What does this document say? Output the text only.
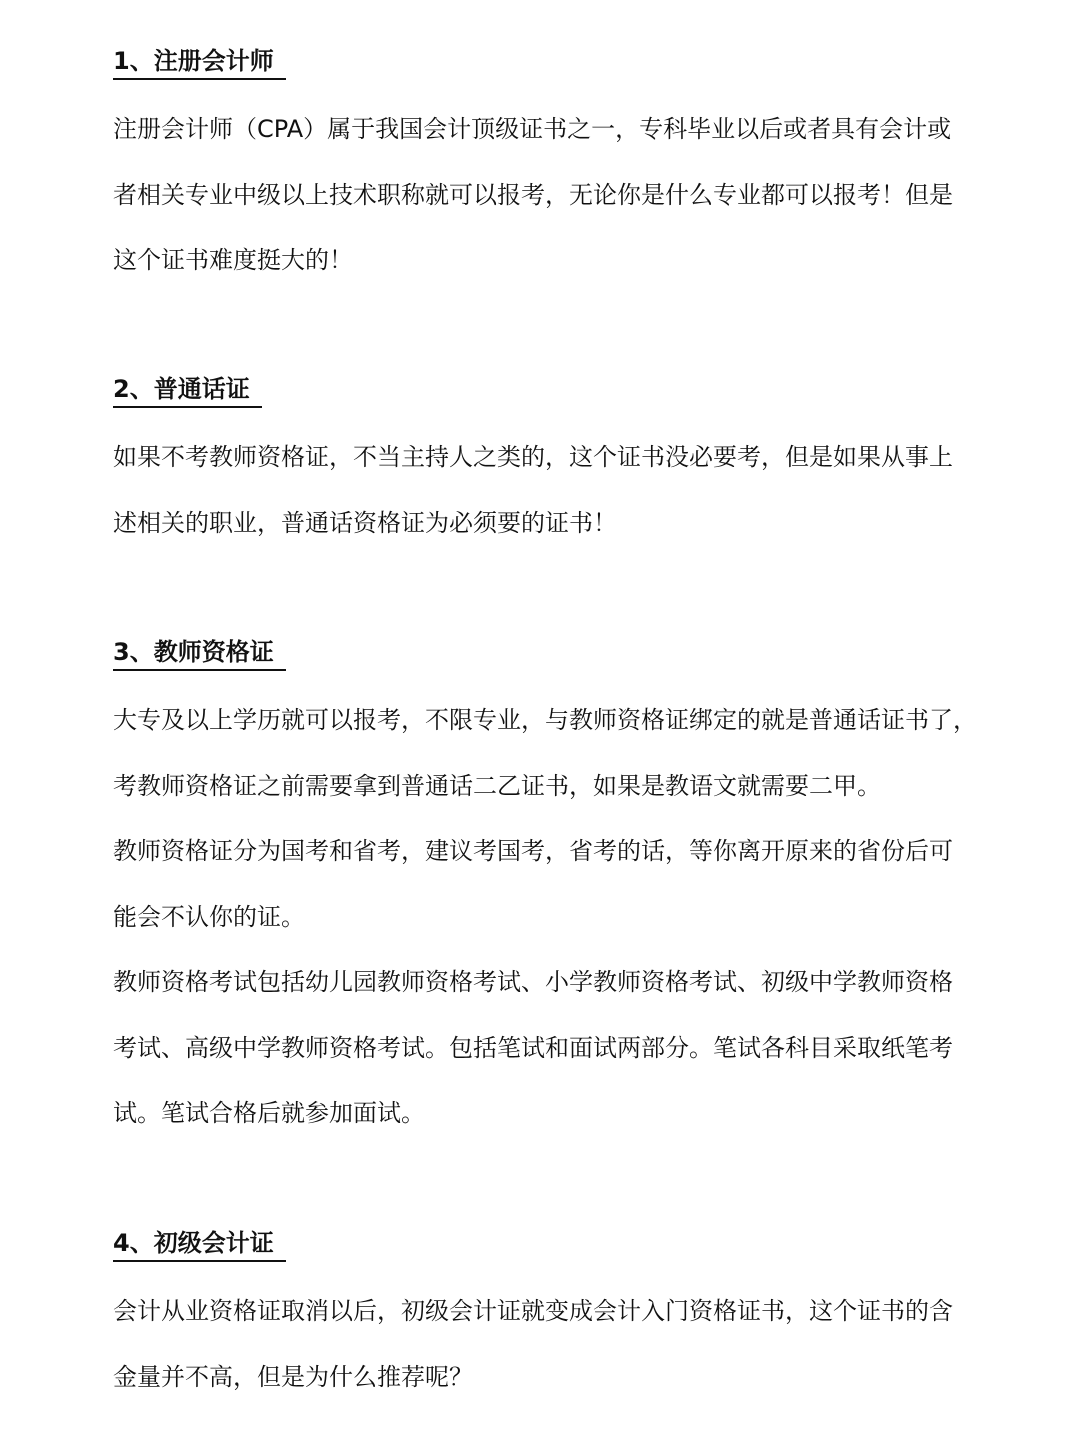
1、注册会计师

注册会计师（CPA）属于我国会计顶级证书之一，专科毕业以后或者具有会计或
者相关专业中级以上技术职称就可以报考，无论你是什么专业都可以报考！但是
这个证书难度挺大的！

2、普通话证

如果不考教师资格证，不当主持人之类的，这个证书没必要考，但是如果从事上
述相关的职业，普通话资格证为必须要的证书！

3、教师资格证

大专及以上学历就可以报考，不限专业，与教师资格证绑定的就是普通话证书了，
考教师资格证之前需要拿到普通话二乙证书，如果是教语文就需要二甲。

教师资格证分为国考和省考，建议考国考，省考的话，等你离开原来的省份后可
能会不认你的证。

教师资格考试包括幼儿园教师资格考试、小学教师资格考试、初级中学教师资格
考试、高级中学教师资格考试。包括笔试和面试两部分。笔试各科目采取纸笔考
试。笔试合格后就参加面试。

4、初级会计证

会计从业资格证取消以后，初级会计证就变成会计入门资格证书，这个证书的含
金量并不高，但是为什么推荐呢？
